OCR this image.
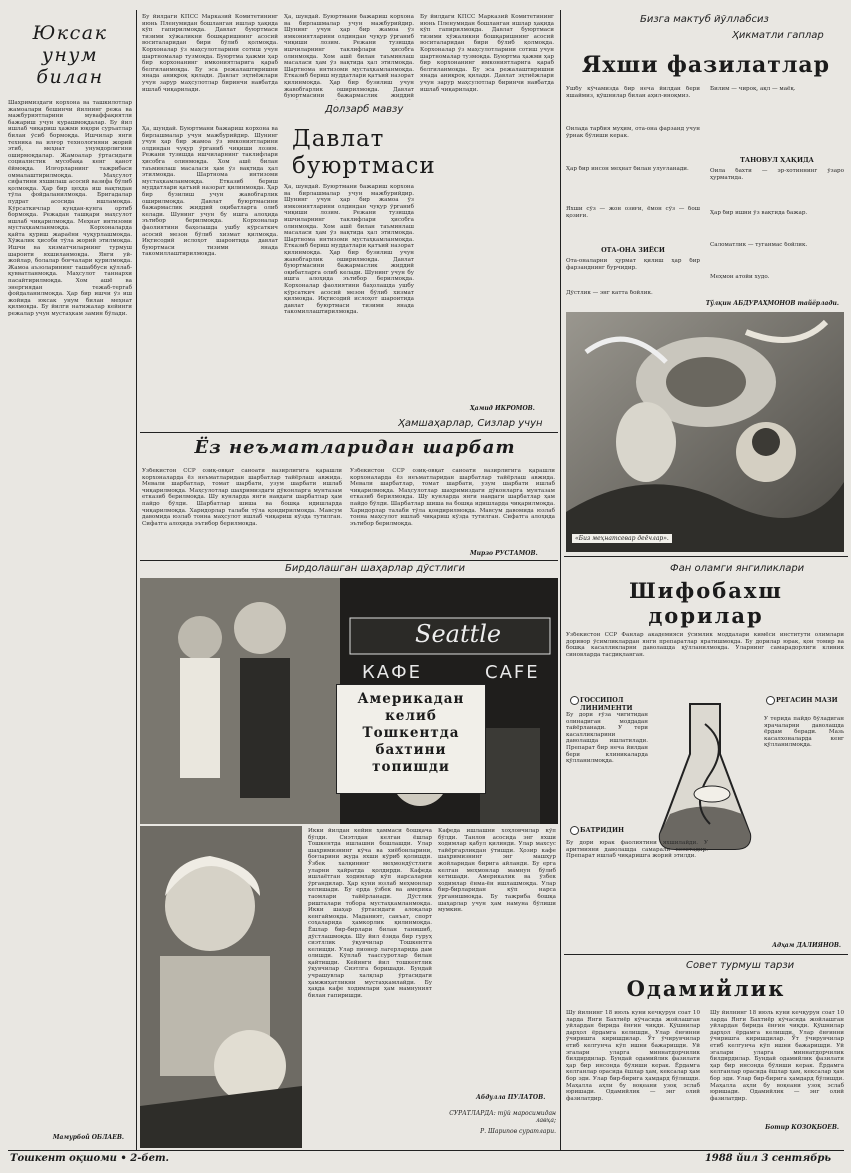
Юксак унум билан
Шаҳримиздаги корхона ва ташкилотлар жамоалари бешинчи йилнинг режа ва мажбуриятларини муваффақиятли бажариш учун курашмоқдалар. Бу йил ишлаб чиқариш ҳажми юқори суръатлар билан ўсиб бормоқда. Ишчилар янги техника ва илғор технологияни жорий этиб, меҳнат унумдорлигини оширмоқдалар. Жамоалар ўртасидаги социалистик мусобақа кенг қанот ёймоқда. Илғорларнинг тажрибаси оммалаштирилмоқда. Маҳсулот сифатини яхшилаш асосий вазифа бўлиб қолмоқда. Ҳар бир цехда иш вақтидан тўла фойдаланилмоқда. Бригадалар пудрат асосида ишламоқда. Кўрсаткичлар кундан-кунга ортиб бормоқда. Режадан ташқари маҳсулот ишлаб чиқарилмоқда. Меҳнат интизоми мустаҳкамланмоқда. Корхоналарда қайта қуриш жараёни чуқурлашмоқда. Хўжалик ҳисоби тўла жорий этилмоқда. Ишчи ва хизматчиларнинг турмуш шароити яхшиланмоқда. Янги уй-жойлар, болалар боғчалари қурилмоқда. Жамоа аъзоларининг ташаббуси қўллаб-қувватланмоқда. Маҳсулот таннархи пасайтирилмоқда. Хом ашё ва энергиядан тежаб-тергаб фойдаланилмоқда. Ҳар бир ишчи ўз иш жойида юксак унум билан меҳнат қилмоқда. Бу йилги натижалар кейинги режалар учун мустаҳкам замин бўлади.
Мамурбой ОБЛАЕВ.
Бу йилдаги КПСС Марказий Комитетининг июнь Пленумидан бошланган ишлар ҳақида кўп гапирилмоқда. Давлат буюртмаси тизими хўжаликни бошқаришнинг асосий воситаларидан бири бўлиб қолмоқда. Корхоналар ўз маҳсулотларини сотиш учун шартномалар тузмоқда. Буюртма ҳажми ҳар бир корхонанинг имкониятларига қараб белгиланмоқда. Бу эса режалаштиришни янада аниқроқ қилади. Давлат эҳтиёжлари учун зарур маҳсулотлар биринчи навбатда ишлаб чиқарилади.
Ҳа, шундай. Буюртмани бажариш корхона ва бирлашмалар учун мажбурийдир. Шунинг учун ҳар бир жамоа ўз имкониятларини олдиндан чуқур ўрганиб чиқиши лозим. Режани тузишда ишчиларнинг таклифлари ҳисобга олинмоқда. Хом ашё билан таъминлаш масаласи ҳам ўз вақтида ҳал этилмоқда. Шартнома интизоми мустаҳкамланмоқда. Етказиб бериш муддатлари қатъий назорат қилинмоқда. Ҳар бир бузилиш учун жавобгарлик оширилмоқда. Давлат буюртмасини бажармаслик жиддий оқибатларга олиб келади. Шунинг учун бу ишга алоҳида эътибор берилмоқда. Корхоналар фаолиятини баҳолашда ушбу кўрсаткич асосий мезон бўлиб хизмат қилмоқда. Иқтисодий ислоҳот шароитида давлат буюртмаси тизими янада такомиллаштирилмоқда.
Ҳа, шундай. Буюртмани бажариш корхона ва бирлашмалар учун мажбурийдир. Шунинг учун ҳар бир жамоа ўз имкониятларини олдиндан чуқур ўрганиб чиқиши лозим. Режани тузишда ишчиларнинг таклифлари ҳисобга олинмоқда. Хом ашё билан таъминлаш масаласи ҳам ўз вақтида ҳал этилмоқда. Шартнома интизоми мустаҳкамланмоқда. Етказиб бериш муддатлари қатъий назорат қилинмоқда. Ҳар бир бузилиш учун жавобгарлик оширилмоқда. Давлат буюртмасини бажармаслик жиддий
Бу йилдаги КПСС Марказий Комитетининг июнь Пленумидан бошланган ишлар ҳақида кўп гапирилмоқда. Давлат буюртмаси тизими хўжаликни бошқаришнинг асосий воситаларидан бири бўлиб қолмоқда. Корхоналар ўз маҳсулотларини сотиш учун шартномалар тузмоқда. Буюртма ҳажми ҳар бир корхонанинг имкониятларига қараб белгиланмоқда. Бу эса режалаштиришни янада аниқроқ қилади. Давлат эҳтиёжлари учун зарур маҳсулотлар биринчи навбатда ишлаб чиқарилади.
Долзарб мавзу
Давлат буюртмаси
Ҳа, шундай. Буюртмани бажариш корхона ва бирлашмалар учун мажбурийдир. Шунинг учун ҳар бир жамоа ўз имкониятларини олдиндан чуқур ўрганиб чиқиши лозим. Режани тузишда ишчиларнинг таклифлари ҳисобга олинмоқда. Хом ашё билан таъминлаш масаласи ҳам ўз вақтида ҳал этилмоқда. Шартнома интизоми мустаҳкамланмоқда. Етказиб бериш муддатлари қатъий назорат қилинмоқда. Ҳар бир бузилиш учун жавобгарлик оширилмоқда. Давлат буюртмасини бажармаслик жиддий оқибатларга олиб келади. Шунинг учун бу ишга алоҳида эътибор берилмоқда. Корхоналар фаолиятини баҳолашда ушбу кўрсаткич асосий мезон бўлиб хизмат қилмоқда. Иқтисодий ислоҳот шароитида давлат буюртмаси тизими янада такомиллаштирилмоқда.
Ҳамид ИКРОМОВ.
Ҳамшаҳарлар, Сизлар учун
Ёз неъматларидан шарбат
Ўзбекистон ССР озиқ-овқат саноати вазирлигига қарашли корхоналарда ёз неъматларидан шарбатлар тайёрлаш авжида. Мевали шарбатлар, томат шарбати, узум шарбати ишлаб чиқарилмоқда. Маҳсулотлар шаҳримиздаги дўконларга мунтазам етказиб берилмоқда. Шу кунларда янги навдаги шарбатлар ҳам пайдо бўлди. Шарбатлар шиша ва бошқа идишларда чиқарилмоқда. Харидорлар талаби тўла қондирилмоқда. Мавсум давомида юзлаб тонна маҳсулот ишлаб чиқариш кўзда тутилган. Сифатга алоҳида эътибор берилмоқда.
Ўзбекистон ССР озиқ-овқат саноати вазирлигига қарашли корхоналарда ёз неъматларидан шарбатлар тайёрлаш авжида. Мевали шарбатлар, томат шарбати, узум шарбати ишлаб чиқарилмоқда. Маҳсулотлар шаҳримиздаги дўконларга мунтазам етказиб берилмоқда. Шу кунларда янги навдаги шарбатлар ҳам пайдо бўлди. Шарбатлар шиша ва бошқа идишларда чиқарилмоқда. Харидорлар талаби тўла қондирилмоқда. Мавсум давомида юзлаб тонна маҳсулот ишлаб чиқариш кўзда тутилган. Сифатга алоҳида эътибор берилмоқда.
Мирзо РУСТАМОВ.
Бизга мактуб йўллабсиз
Ҳикматли гаплар
Яхши фазилатлар
Ушбу кўчамизда бир неча йилдан бери яшаймиз, қўшнилар билан аҳил-иноқмиз.
Оилада тарбия муҳим, ота-она фарзанд учун ўрнак бўлиши керак.
Ҳар бир инсон меҳнат билан улуғланади.
Яхши сўз — жон озиғи, ёмон сўз — бош қозиғи.
ОТА-ОНА ЗИЁСИ
Ота-оналарни ҳурмат қилиш ҳар бир фарзанднинг бурчидир.
Дўстлик — энг катта бойлик.
Билим — чироқ, ақл — маёқ.
ТАНОВУЛ ҲАҚИДА
Оила бахти — эр-хотиннинг ўзаро ҳурматида.
Ҳар бир ишни ўз вақтида бажар.
Саломатлик — туганмас бойлик.
Меҳмон атойи худо.
Тўлқин АБДУРАҲМОНОВ тайёрлади.
«Биз меҳнатсевар деёчлар».
Бирдолашган шаҳарлар дўстлиги
Seattle
КАФЕ	CAFE
Америкадан келиб Тошкентда бахтини топишди
Икки йилдан кейин ҳаммаси бошқача бўлди. Сиэтлдан келган ёшлар Тошкентда ишлашни бошлашди. Улар шаҳримизнинг кўча ва хиёбонларини, боғларини жуда яхши кўриб қолишди. Ўзбек халқининг меҳмондўстлиги уларни ҳайратда қолдирди. Кафеда ишлаётган ходимлар кўп нарсаларни ўргандилар. Ҳар куни юзлаб меҳмонлар келишади. Бу ерда ўзбек ва америка таомлари тайёрланади. Дўстлик ришталари тобора мустаҳкамланмоқда. Икки шаҳар ўртасидаги алоқалар кенгаймоқда. Маданият, санъат, спорт соҳаларида ҳамкорлик қилинмоқда. Ёшлар бир-бирлари билан танишиб, дўстлашмоқда. Шу йил ёзида бир гуруҳ сиэтллик ўқувчилар Тошкентга келишди. Улар пионер лагерларида дам олишди. Кўплаб таассуротлар билан қайтишди. Кейинги йил тошкентлик ўқувчилар Сиэтлга боришади. Бундай учрашувлар халқлар ўртасидаги ҳамжиҳатликни мустаҳкамлайди. Бу ҳақда кафе ходимлари ҳам мамнуният билан гапиришди.
Кафеда ишлашни хоҳловчилар кўп бўлди. Танлов асосида энг яхши ходимлар қабул қилинди. Улар махсус тайёргарликдан ўтишди. Ҳозир кафе шаҳримизнинг энг машҳур жойларидан бирига айланди. Бу ерга келган меҳмонлар мамнун бўлиб кетишади. Америкалик ва ўзбек ходимлар ёнма-ён ишлашмоқда. Улар бир-бирларидан кўп нарса ўрганишмоқда. Бу тажриба бошқа шаҳарлар учун ҳам намуна бўлиши мумкин.
Абдулла ПУЛАТОВ.
СУРАТЛАРДА: тўй маросимидан лавҳа;
Р. Шарипов суратлари.
Фан оламги янгиликлари
Шифобахш дорилар
Ўзбекистон ССР Фанлар академияси ўсимлик моддалари кимёси институти олимлари доривор ўсимликлардан янги препаратлар яратишмоқда. Бу дорилар юрак, қон томир ва бошқа касалликларни даволашда қўлланилмоқда. Уларнинг самарадорлиги клиник синовларда тасдиқланган.
ГОССИПОЛ ЛИНИМЕНТИ
Бу дори ғўза чигитидан олинадиган моддадан тайёрланади. У тери касалликларини даволашда ишлатилади. Препарат бир неча йилдан бери клиникаларда қўлланилмоқда.
БАТРИДИН
Бу дори юрак фаолиятини яхшилайди. У аритмияни даволашда самарали воситадир. Препарат ишлаб чиқаришга жорий этилди.
РЕГАСИН МАЗИ
У терида пайдо бўладиган ярачаларни даволашда ёрдам беради. Мазь касалхоналарда кенг қўлланилмоқда.
Адҳам ДАЛИЯНОВ.
Совет турмуш тарзи
Одамийлик
Шу йилнинг 18 июль куни кечқурун соат 10 ларда Янги Бахтиёр кўчасида жойлашган уйлардан бирида ёнғин чиқди. Қўшнилар дарҳол ёрдамга келишди. Улар ёнғинни ўчиришга киришдилар. Ўт ўчирувчилар етиб келгунча кўп ишни бажаришди. Уй эгалари уларга миннатдорчилик билдирдилар. Бундай одамийлик фазилати ҳар бир инсонда бўлиши керак. Ёрдамга келганлар орасида ёшлар ҳам, кексалар ҳам бор эди. Улар бир-бирига ҳамдард бўлишди. Маҳалла аҳли бу воқеани узоқ эслаб юришади. Одамийлик — энг олий фазилатдир.
Шу йилнинг 18 июль куни кечқурун соат 10 ларда Янги Бахтиёр кўчасида жойлашган уйлардан бирида ёнғин чиқди. Қўшнилар дарҳол ёрдамга келишди. Улар ёнғинни ўчиришга киришдилар. Ўт ўчирувчилар етиб келгунча кўп ишни бажаришди. Уй эгалари уларга миннатдорчилик билдирдилар. Бундай одамийлик фазилати ҳар бир инсонда бўлиши керак. Ёрдамга келганлар орасида ёшлар ҳам, кексалар ҳам бор эди. Улар бир-бирига ҳамдард бўлишди. Маҳалла аҳли бу воқеани узоқ эслаб юришади. Одамийлик — энг олий фазилатдир.
Ботир КОЗОҚБОЕВ.
Тошкент оқшоми • 2-бет.	1988 йил 3 сентябрь
